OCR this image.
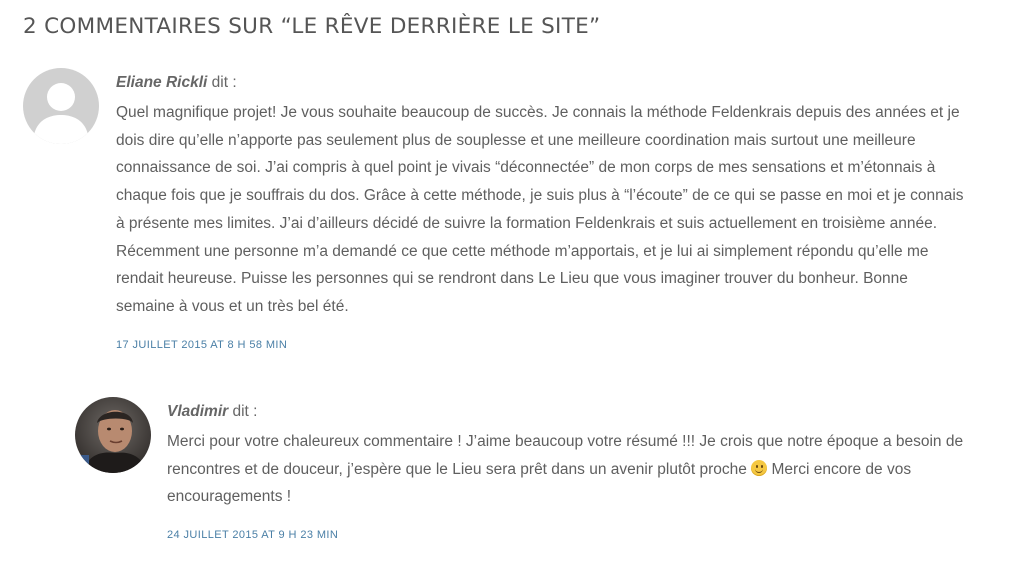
2 COMMENTAIRES SUR “LE RÊVE DERRIÈRE LE SITE”
Eliane Rickli dit :

Quel magnifique projet! Je vous souhaite beaucoup de succès. Je connais la méthode Feldenkrais depuis des années et je dois dire qu’elle n’apporte pas seulement plus de souplesse et une meilleure coordination mais surtout une meilleure connaissance de soi. J’ai compris à quel point je vivais “déconnectée” de mon corps de mes sensations et m’étonnais à chaque fois que je souffrais du dos. Grâce à cette méthode, je suis plus à “l’écoute” de ce qui se passe en moi et je connais à présente mes limites. J’ai d’ailleurs décidé de suivre la formation Feldenkrais et suis actuellement en troisième année. Récemment une personne m’a demandé ce que cette méthode m’apportais, et je lui ai simplement répondu qu’elle me rendait heureuse. Puisse les personnes qui se rendront dans Le Lieu que vous imaginer trouver du bonheur. Bonne semaine à vous et un très bel été.

17 JUILLET 2015 AT 8 H 58 MIN
Vladimir dit :

Merci pour votre chaleureux commentaire ! J’aime beaucoup votre résumé !!! Je crois que notre époque a besoin de rencontres et de douceur, j’espère que le Lieu sera prêt dans un avenir plutôt proche
Merci encore de vos encouragements !

24 JUILLET 2015 AT 9 H 23 MIN
